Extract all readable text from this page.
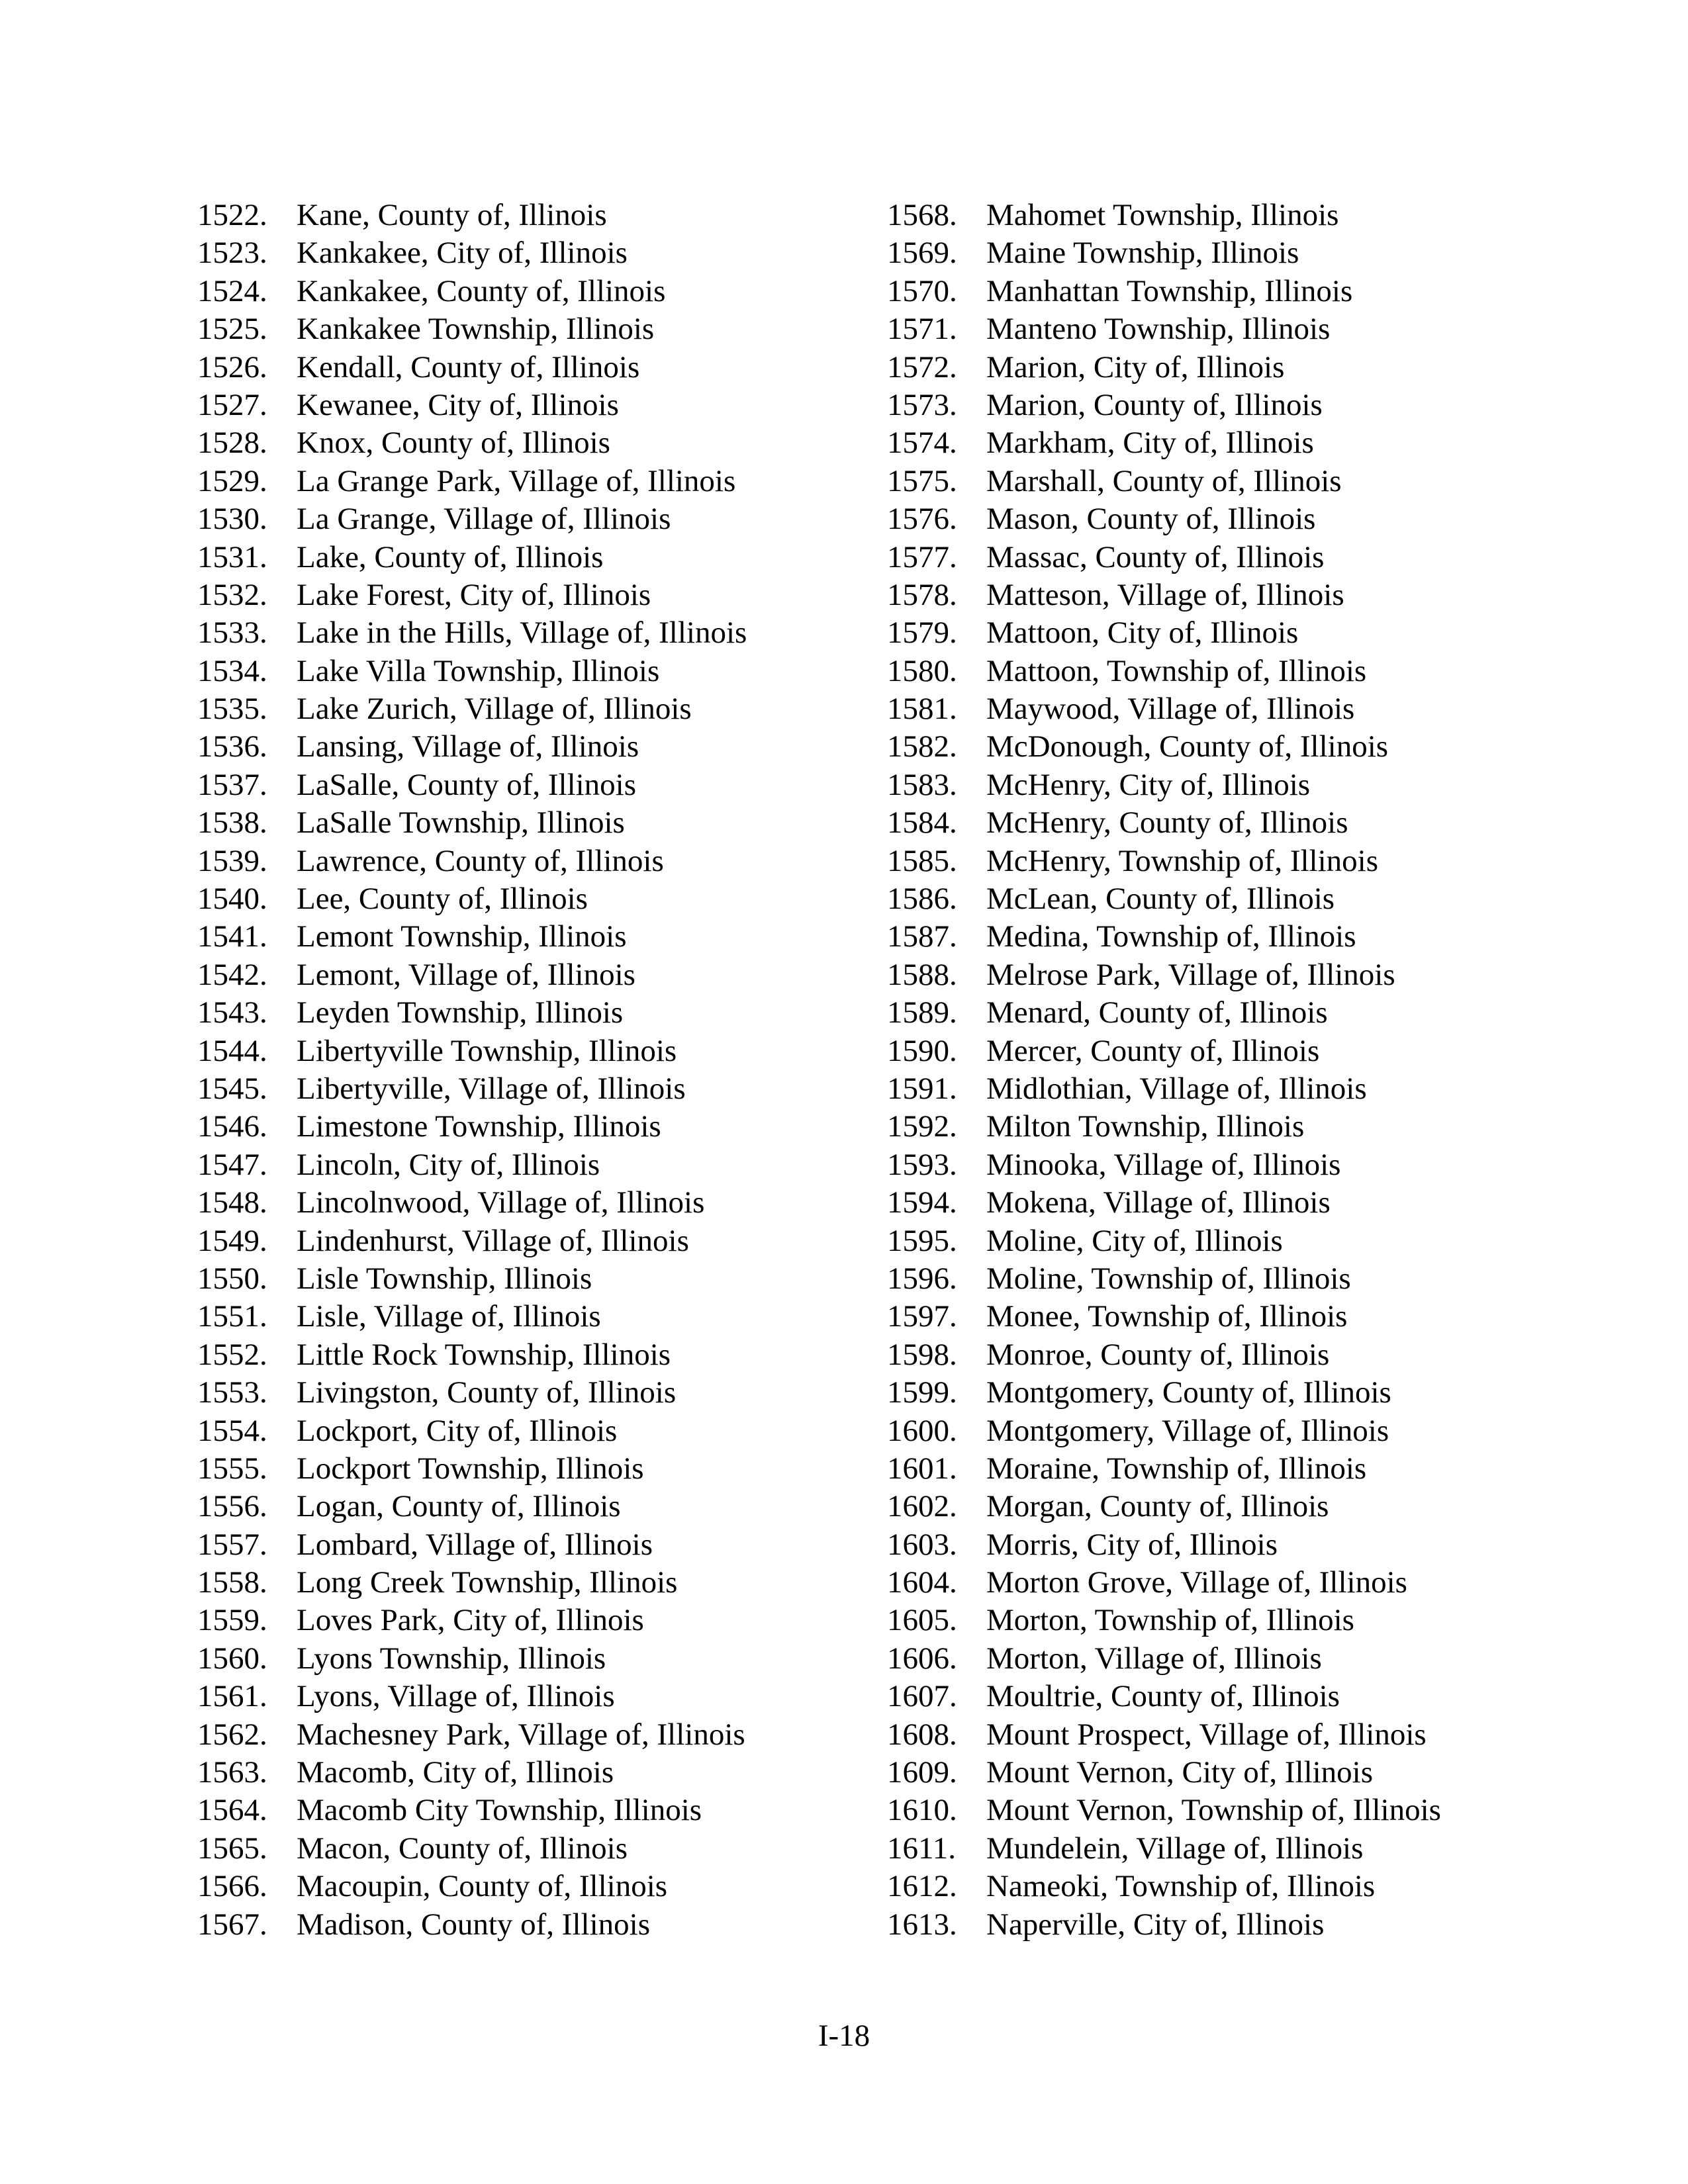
1522. Kane, County of, Illinois
1523. Kankakee, City of, Illinois
1524. Kankakee, County of, Illinois
1525. Kankakee Township, Illinois
1526. Kendall, County of, Illinois
1527. Kewanee, City of, Illinois
1528. Knox, County of, Illinois
1529. La Grange Park, Village of, Illinois
1530. La Grange, Village of, Illinois
1531. Lake, County of, Illinois
1532. Lake Forest, City of, Illinois
1533. Lake in the Hills, Village of, Illinois
1534. Lake Villa Township, Illinois
1535. Lake Zurich, Village of, Illinois
1536. Lansing, Village of, Illinois
1537. LaSalle, County of, Illinois
1538. LaSalle Township, Illinois
1539. Lawrence, County of, Illinois
1540. Lee, County of, Illinois
1541. Lemont Township, Illinois
1542. Lemont, Village of, Illinois
1543. Leyden Township, Illinois
1544. Libertyville Township, Illinois
1545. Libertyville, Village of, Illinois
1546. Limestone Township, Illinois
1547. Lincoln, City of, Illinois
1548. Lincolnwood, Village of, Illinois
1549. Lindenhurst, Village of, Illinois
1550. Lisle Township, Illinois
1551. Lisle, Village of, Illinois
1552. Little Rock Township, Illinois
1553. Livingston, County of, Illinois
1554. Lockport, City of, Illinois
1555. Lockport Township, Illinois
1556. Logan, County of, Illinois
1557. Lombard, Village of, Illinois
1558. Long Creek Township, Illinois
1559. Loves Park, City of, Illinois
1560. Lyons Township, Illinois
1561. Lyons, Village of, Illinois
1562. Machesney Park, Village of, Illinois
1563. Macomb, City of, Illinois
1564. Macomb City Township, Illinois
1565. Macon, County of, Illinois
1566. Macoupin, County of, Illinois
1567. Madison, County of, Illinois
1568. Mahomet Township, Illinois
1569. Maine Township, Illinois
1570. Manhattan Township, Illinois
1571. Manteno Township, Illinois
1572. Marion, City of, Illinois
1573. Marion, County of, Illinois
1574. Markham, City of, Illinois
1575. Marshall, County of, Illinois
1576. Mason, County of, Illinois
1577. Massac, County of, Illinois
1578. Matteson, Village of, Illinois
1579. Mattoon, City of, Illinois
1580. Mattoon, Township of, Illinois
1581. Maywood, Village of, Illinois
1582. McDonough, County of, Illinois
1583. McHenry, City of, Illinois
1584. McHenry, County of, Illinois
1585. McHenry, Township of, Illinois
1586. McLean, County of, Illinois
1587. Medina, Township of, Illinois
1588. Melrose Park, Village of, Illinois
1589. Menard, County of, Illinois
1590. Mercer, County of, Illinois
1591. Midlothian, Village of, Illinois
1592. Milton Township, Illinois
1593. Minooka, Village of, Illinois
1594. Mokena, Village of, Illinois
1595. Moline, City of, Illinois
1596. Moline, Township of, Illinois
1597. Monee, Township of, Illinois
1598. Monroe, County of, Illinois
1599. Montgomery, County of, Illinois
1600. Montgomery, Village of, Illinois
1601. Moraine, Township of, Illinois
1602. Morgan, County of, Illinois
1603. Morris, City of, Illinois
1604. Morton Grove, Village of, Illinois
1605. Morton, Township of, Illinois
1606. Morton, Village of, Illinois
1607. Moultrie, County of, Illinois
1608. Mount Prospect, Village of, Illinois
1609. Mount Vernon, City of, Illinois
1610. Mount Vernon, Township of, Illinois
1611. Mundelein, Village of, Illinois
1612. Nameoki, Township of, Illinois
1613. Naperville, City of, Illinois
I-18
